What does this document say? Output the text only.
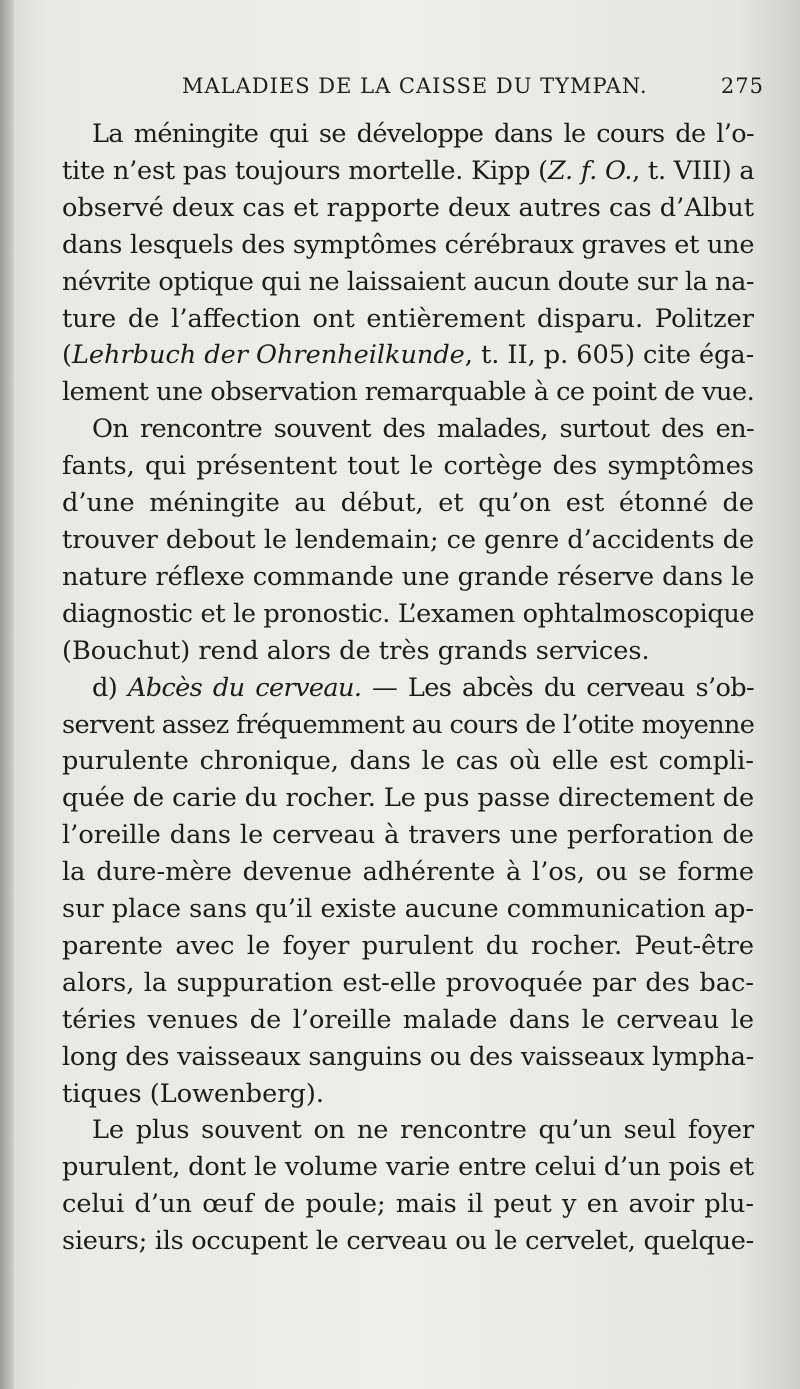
MALADIES DE LA CAISSE DU TYMPAN.	275

La méningite qui se développe dans le cours de l’o-
tite n’est pas toujours mortelle. Kipp (Z. f. O., t. VIII) a
observé deux cas et rapporte deux autres cas d’Albut
dans lesquels des symptômes cérébraux graves et une
névrite optique qui ne laissaient aucun doute sur la na-
ture de l’affection ont entièrement disparu. Politzer
(Lehrbuch der Ohrenheilkunde, t. II, p. 605) cite éga-
lement une observation remarquable à ce point de vue.

On rencontre souvent des malades, surtout des en-
fants, qui présentent tout le cortège des symptômes
d’une méningite au début, et qu’on est étonné de
trouver debout le lendemain; ce genre d’accidents de
nature réflexe commande une grande réserve dans le
diagnostic et le pronostic. L’examen ophtalmoscopique
(Bouchut) rend alors de très grands services.

d) Abcès du cerveau. — Les abcès du cerveau s’ob-
servent assez fréquemment au cours de l’otite moyenne
purulente chronique, dans le cas où elle est compli-
quée de carie du rocher. Le pus passe directement de
l’oreille dans le cerveau à travers une perforation de
la dure-mère devenue adhérente à l’os, ou se forme
sur place sans qu’il existe aucune communication ap-
parente avec le foyer purulent du rocher. Peut-être
alors, la suppuration est-elle provoquée par des bac-
téries venues de l’oreille malade dans le cerveau le
long des vaisseaux sanguins ou des vaisseaux lympha-
tiques (Lowenberg).

Le plus souvent on ne rencontre qu’un seul foyer
purulent, dont le volume varie entre celui d’un pois et
celui d’un œuf de poule; mais il peut y en avoir plu-
sieurs; ils occupent le cerveau ou le cervelet, quelque-
